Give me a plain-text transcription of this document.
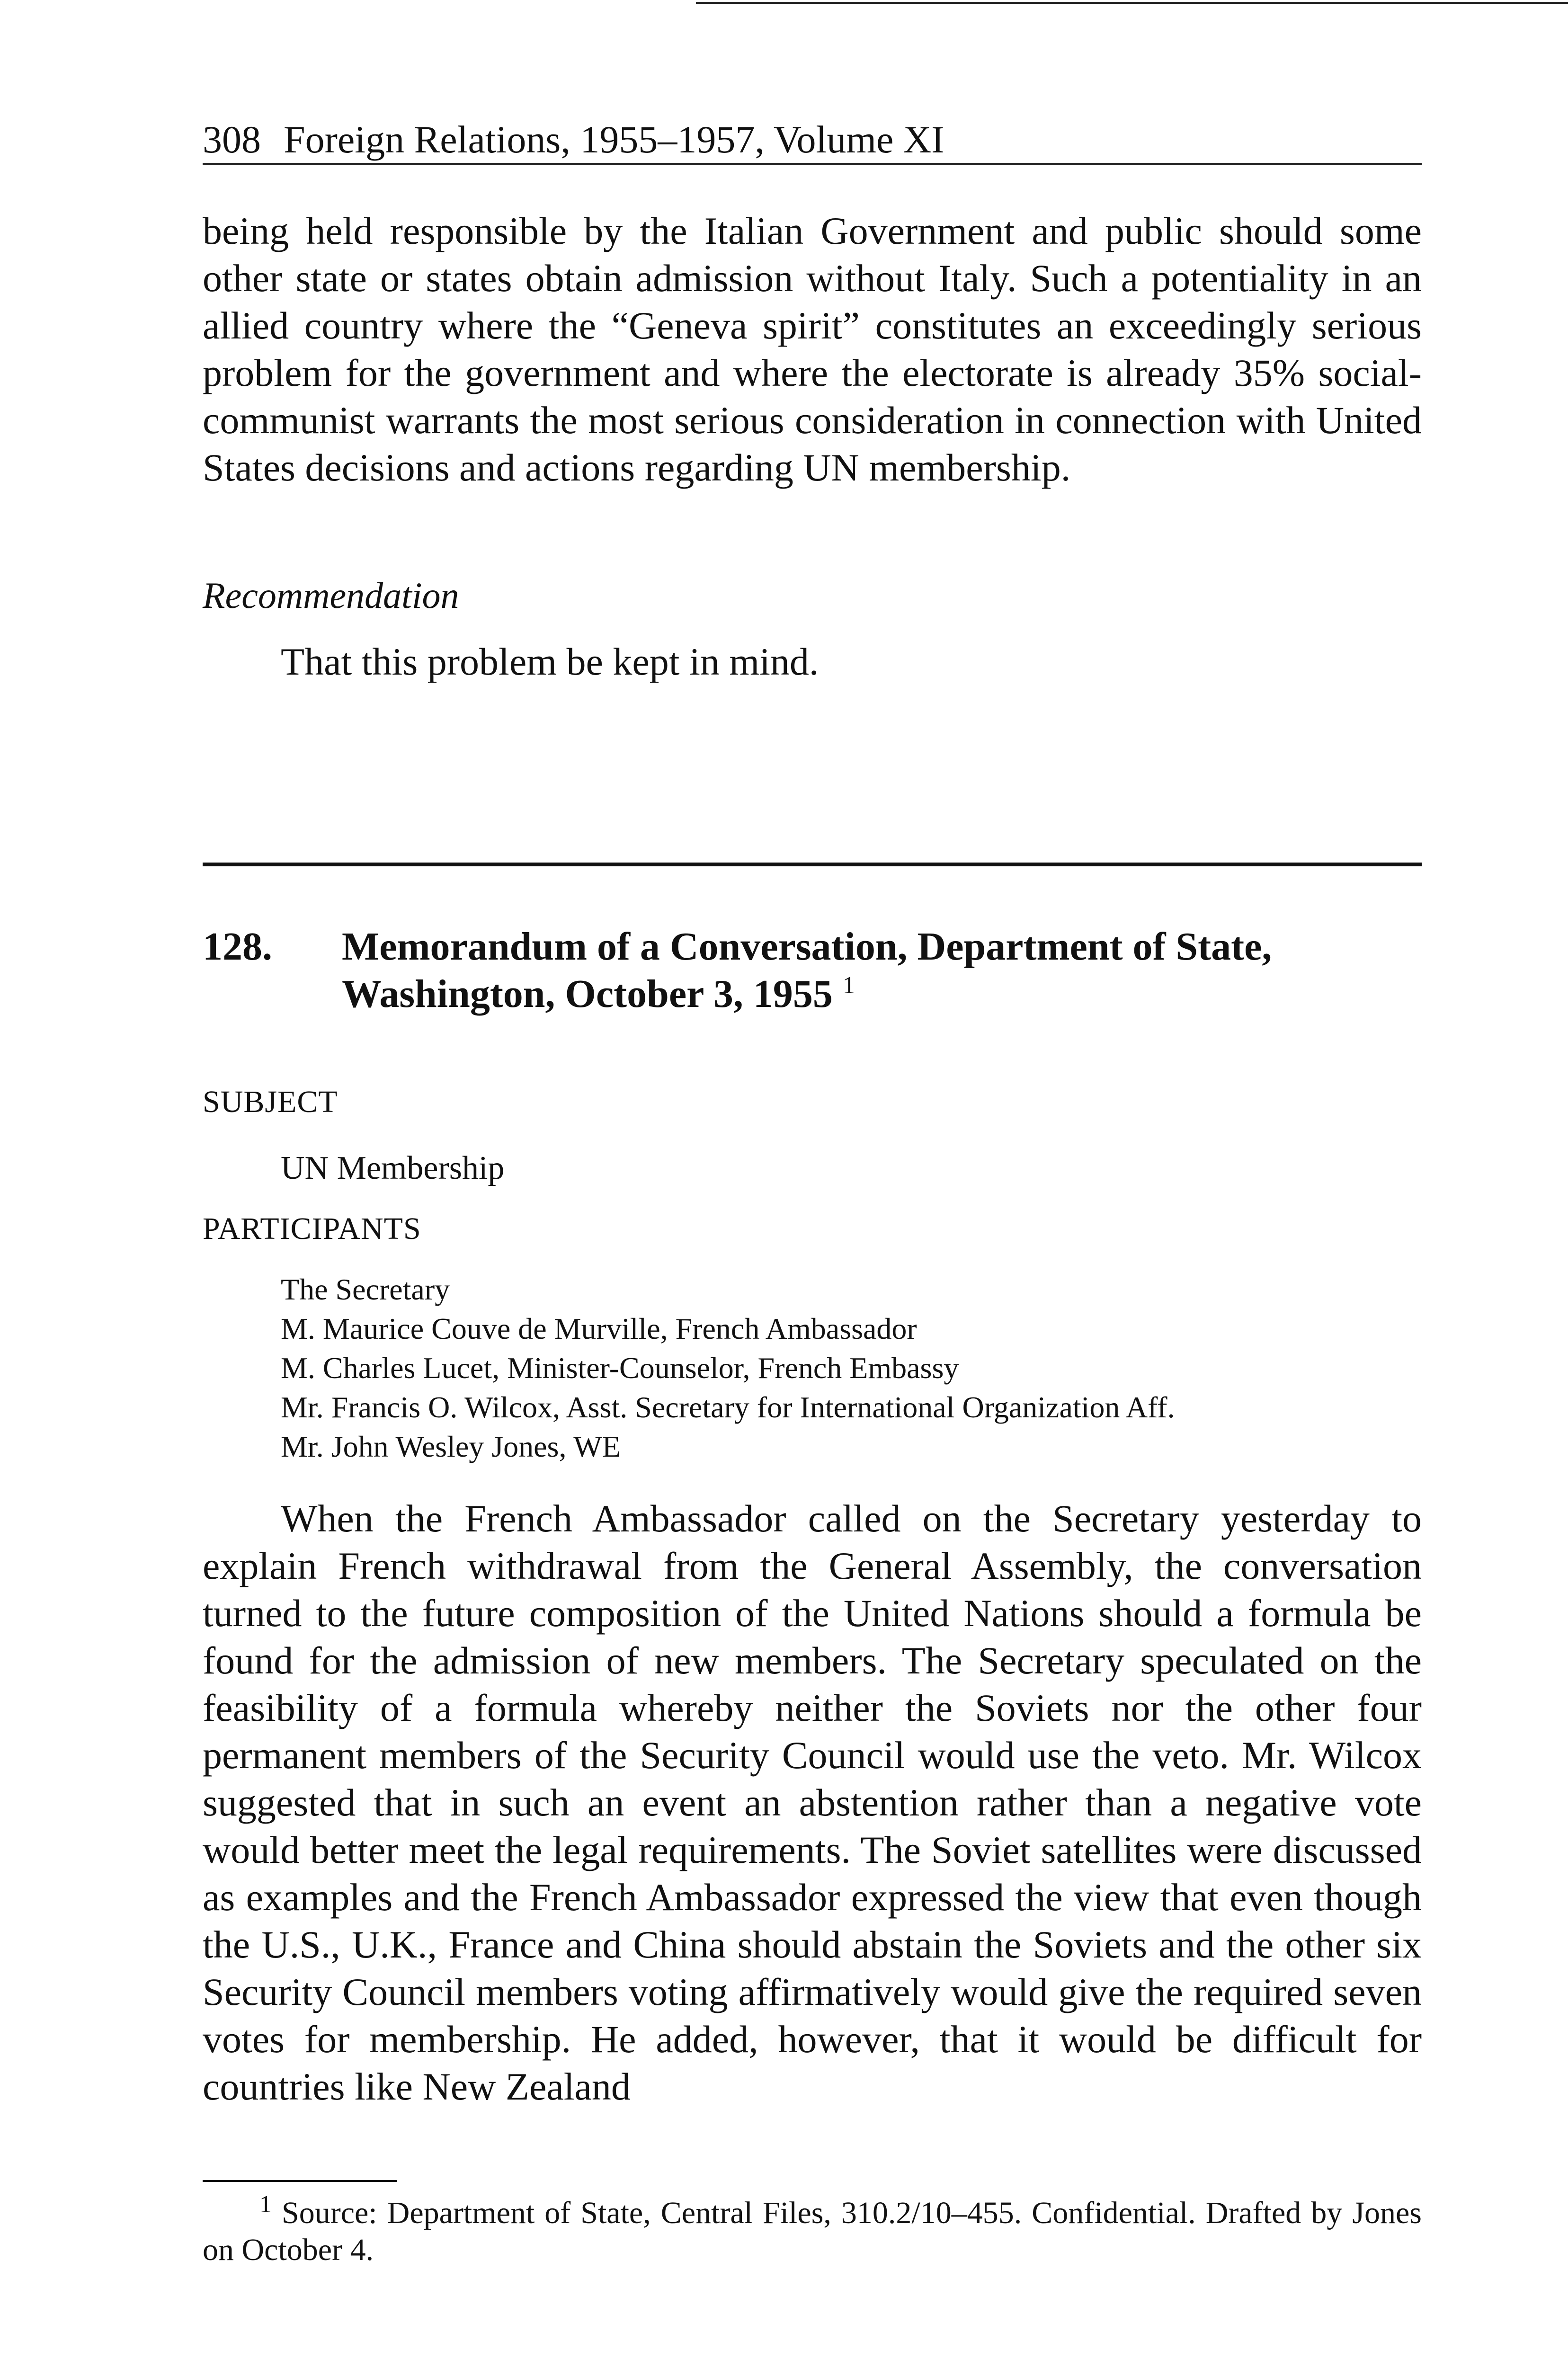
308 Foreign Relations, 1955–1957, Volume XI

being held responsible by the Italian Government and public should some other state or states obtain admission without Italy. Such a potentiality in an allied country where the “Geneva spirit” constitutes an exceedingly serious problem for the government and where the electorate is already 35% social-communist warrants the most serious consideration in connection with United States decisions and actions regarding UN membership.

Recommendation
That this problem be kept in mind.
128. Memorandum of a Conversation, Department of State, Washington, October 3, 1955 $^1$
SUBJECT
UN Membership
PARTICIPANTS
The Secretary
M. Maurice Couve de Murville, French Ambassador
M. Charles Lucet, Minister-Counselor, French Embassy
Mr. Francis O. Wilcox, Asst. Secretary for International Organization Aff.
Mr. John Wesley Jones, WE

When the French Ambassador called on the Secretary yesterday to explain French withdrawal from the General Assembly, the conversation turned to the future composition of the United Nations should a formula be found for the admission of new members. The Secretary speculated on the feasibility of a formula whereby neither the Soviets nor the other four permanent members of the Security Council would use the veto. Mr. Wilcox suggested that in such an event an abstention rather than a negative vote would better meet the legal requirements. The Soviet satellites were discussed as examples and the French Ambassador expressed the view that even though the U.S., U.K., France and China should abstain the Soviets and the other six Security Council members voting affirmatively would give the required seven votes for membership. He added, however, that it would be difficult for countries like New Zealand

$^1$ Source: Department of State, Central Files, 310.2/10–455. Confidential. Drafted by Jones on October 4.
